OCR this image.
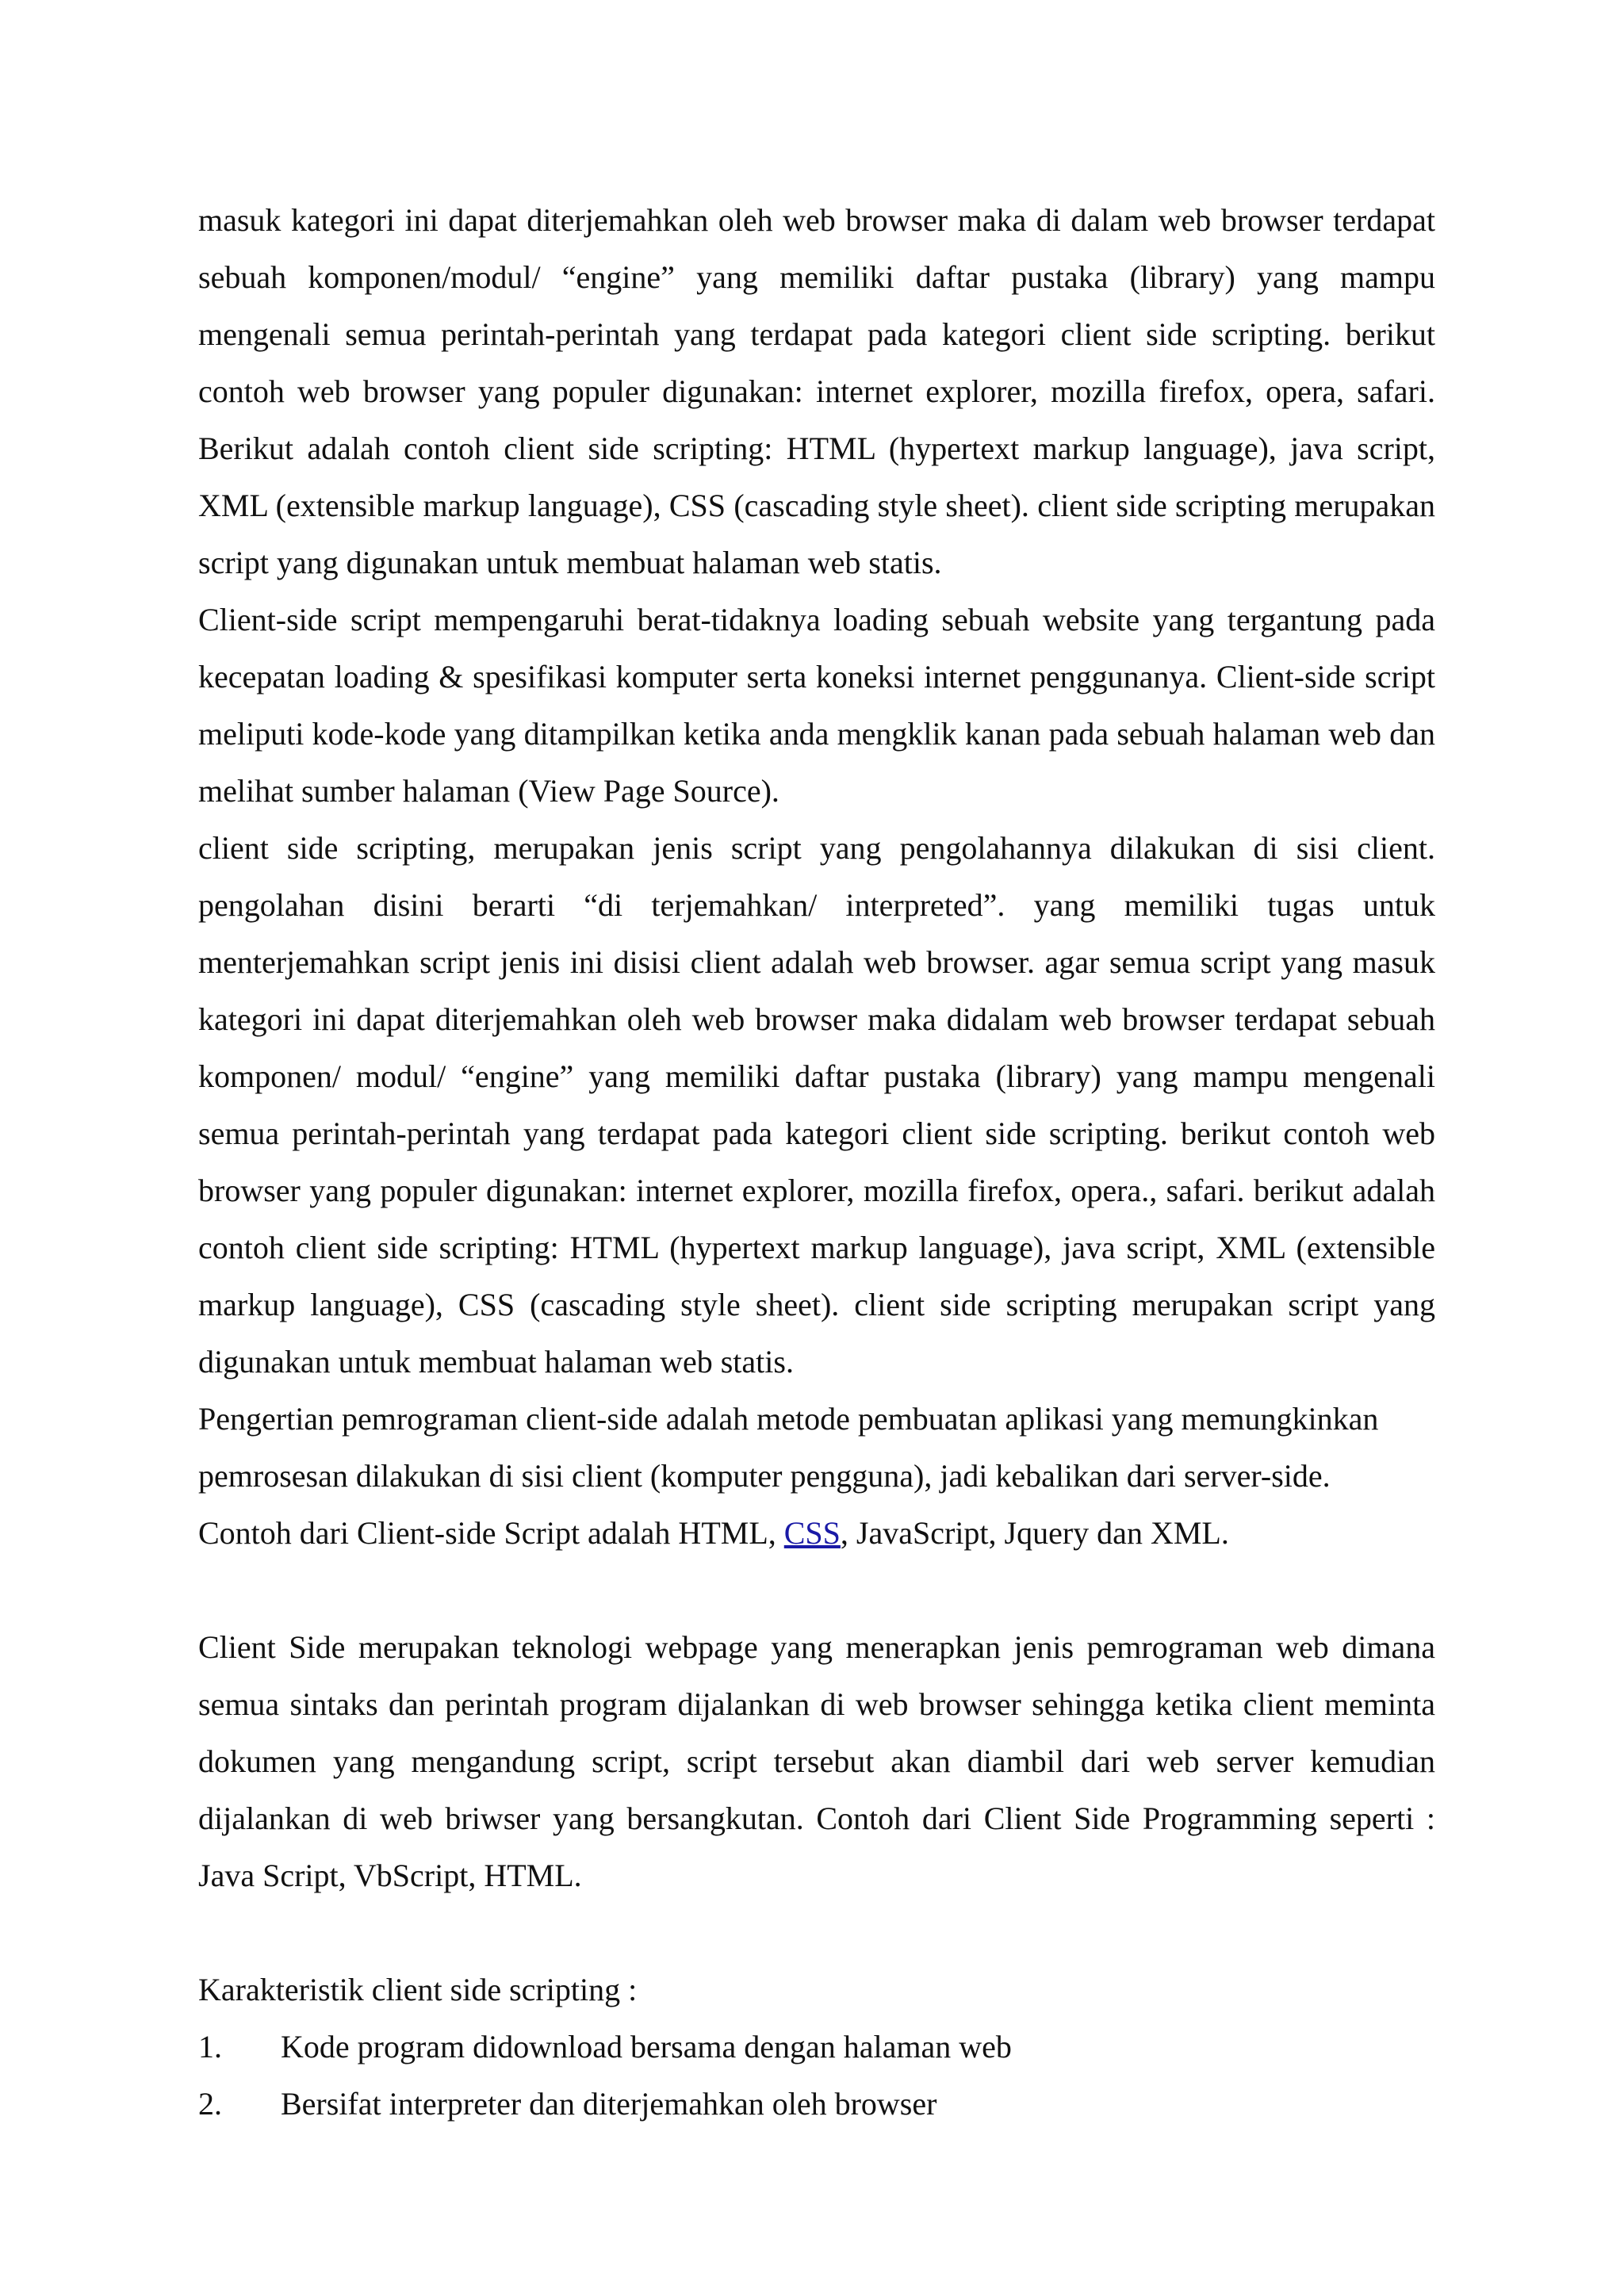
masuk kategori ini dapat diterjemahkan oleh web browser maka di dalam web browser terdapat sebuah komponen/modul/ “engine” yang memiliki daftar pustaka (library) yang mampu mengenali semua perintah-perintah yang terdapat pada kategori client side scripting. berikut contoh web browser yang populer digunakan: internet explorer, mozilla firefox, opera, safari. Berikut adalah contoh client side scripting: HTML (hypertext markup language), java script, XML (extensible markup language), CSS (cascading style sheet). client side scripting merupakan script yang digunakan untuk membuat halaman web statis.

Client-side script mempengaruhi berat-tidaknya loading sebuah website yang tergantung pada kecepatan loading & spesifikasi komputer serta koneksi internet penggunanya. Client-side script meliputi kode-kode yang ditampilkan ketika anda mengklik kanan pada sebuah halaman web dan melihat sumber halaman (View Page Source).

client side scripting, merupakan jenis script yang pengolahannya dilakukan di sisi client. pengolahan disini berarti “di terjemahkan/ interpreted”. yang memiliki tugas untuk menterjemahkan script jenis ini disisi client adalah web browser. agar semua script yang masuk kategori ini dapat diterjemahkan oleh web browser maka didalam web browser terdapat sebuah komponen/ modul/ “engine” yang memiliki daftar pustaka (library) yang mampu mengenali semua perintah-perintah yang terdapat pada kategori client side scripting. berikut contoh web browser yang populer digunakan: internet explorer, mozilla firefox, opera., safari. berikut adalah contoh client side scripting: HTML (hypertext markup language), java script, XML (extensible markup language), CSS (cascading style sheet). client side scripting merupakan script yang digunakan untuk membuat halaman web statis.

Pengertian pemrograman client-side adalah metode pembuatan aplikasi yang memungkinkan pemrosesan dilakukan di sisi client (komputer pengguna), jadi kebalikan dari server-side.

Contoh dari Client-side Script adalah HTML, CSS, JavaScript, Jquery dan XML.

Client Side merupakan teknologi webpage yang menerapkan jenis pemrograman web dimana semua sintaks dan perintah program dijalankan di web browser sehingga ketika client meminta dokumen yang mengandung script, script tersebut akan diambil dari web server kemudian dijalankan di web briwser yang bersangkutan. Contoh dari Client Side Programming seperti : Java Script, VbScript, HTML.

Karakteristik client side scripting :

1.	Kode program didownload bersama dengan halaman web
2.	Bersifat interpreter dan diterjemahkan oleh browser
